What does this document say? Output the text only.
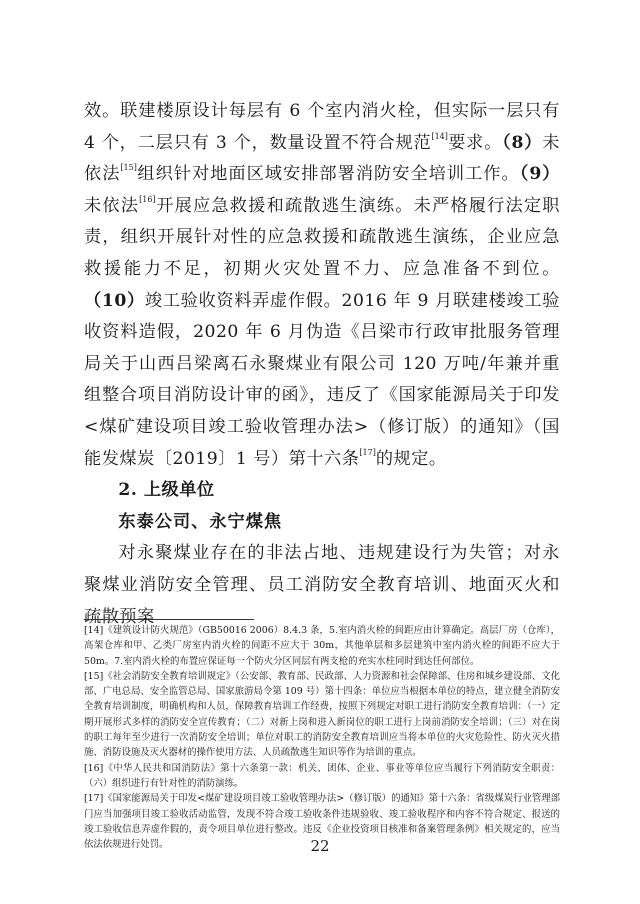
效。联建楼原设计每层有 6 个室内消火栓，但实际一层只有 4 个，二层只有 3 个，数量设置不符合规范[14]要求。（8）未依法[15]组织针对地面区域安排部署消防安全培训工作。（9）未依法[16]开展应急救援和疏散逃生演练。未严格履行法定职责，组织开展针对性的应急救援和疏散逃生演练，企业应急救援能力不足，初期火灾处置不力、应急准备不到位。（10）竣工验收资料弄虚作假。2016 年 9 月联建楼竣工验收资料造假，2020 年 6 月伪造《吕梁市行政审批服务管理局关于山西吕梁离石永聚煤业有限公司 120 万吨/年兼并重组整合项目消防设计审的函》，违反了《国家能源局关于印发<煤矿建设项目竣工验收管理办法>（修订版）的通知》（国能发煤炭〔2019〕1 号）第十六条[17]的规定。

2. 上级单位

东泰公司、永宁煤焦

对永聚煤业存在的非法占地、违规建设行为失管；对永聚煤业消防安全管理、员工消防安全教育培训、地面灭火和疏散预案

[14]《建筑设计防火规范》（GB50016 2006）8.4.3 条，5.室内消火栓的间距应由计算确定。高层厂房（仓库），高架仓库和甲、乙类厂房室内消火栓的间距不应大于 30m，其他单层和多层建筑中室内消火栓的间距不应大于 50m。7.室内消火栓的布置应保证每一个防火分区同层有两支枪的充实水柱同时到达任何部位。

[15]《社会消防安全教育培训规定》（公安部、教育部、民政部、人力资源和社会保障部、住房和城乡建设部、文化部、广电总局、安全监管总局、国家旅游局令第 109 号）第十四条：单位应当根据本单位的特点，建立健全消防安全教育培训制度，明确机构和人员，保障教育培训工作经费，按照下列规定对职工进行消防安全教育培训：（一）定期开展形式多样的消防安全宣传教育；（二）对新上岗和进入新岗位的职工进行上岗前消防安全培训；（三）对在岗的职工每年至少进行一次消防安全培训；单位对职工的消防安全教育培训应当将本单位的火灾危险性、防火灭火措施、消防设施及灭火器材的操作使用方法、人员疏散逃生知识等作为培训的重点。

[16]《中华人民共和国消防法》第十六条第一款：机关、团体、企业、事业等单位应当履行下列消防安全职责：（六）组织进行有针对性的消防演练。

[17]《国家能源局关于印发<煤矿建设项目竣工验收管理办法>（修订版）的通知》第十六条：省级煤炭行业管理部门应当加强项目竣工验收活动监管，发现不符合竣工验收条件违规验收、竣工验收程序和内容不符合规定、报送的竣工验收信息弄虚作假的，责令项目单位进行整改。违反《企业投资项目核准和备案管理条例》相关规定的，应当依法依规进行处罚。	22
